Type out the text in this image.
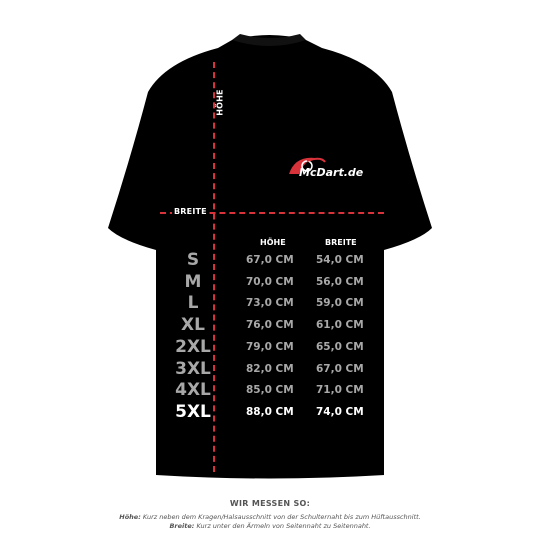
HÖHE
BREITE
McDart.de
HÖHE	BREITE
S	67,0 CM 54,0 CM
M	70,0 CM 56,0 CM
L	73,0 CM 59,0 CM
XL	76,0 CM 61,0 CM
2XL	79,0 CM 65,0 CM
3XL	82,0 CM 67,0 CM
4XL	85,0 CM 71,0 CM
5XL	88,0 CM 74,0 CM
WIR MESSEN SO:
Höhe: Kurz neben dem Kragen/Halsausschnitt von der Schulternaht bis zum Hüftausschnitt.
Breite: Kurz unter den Ärmeln von Seitennaht zu Seitennaht.
